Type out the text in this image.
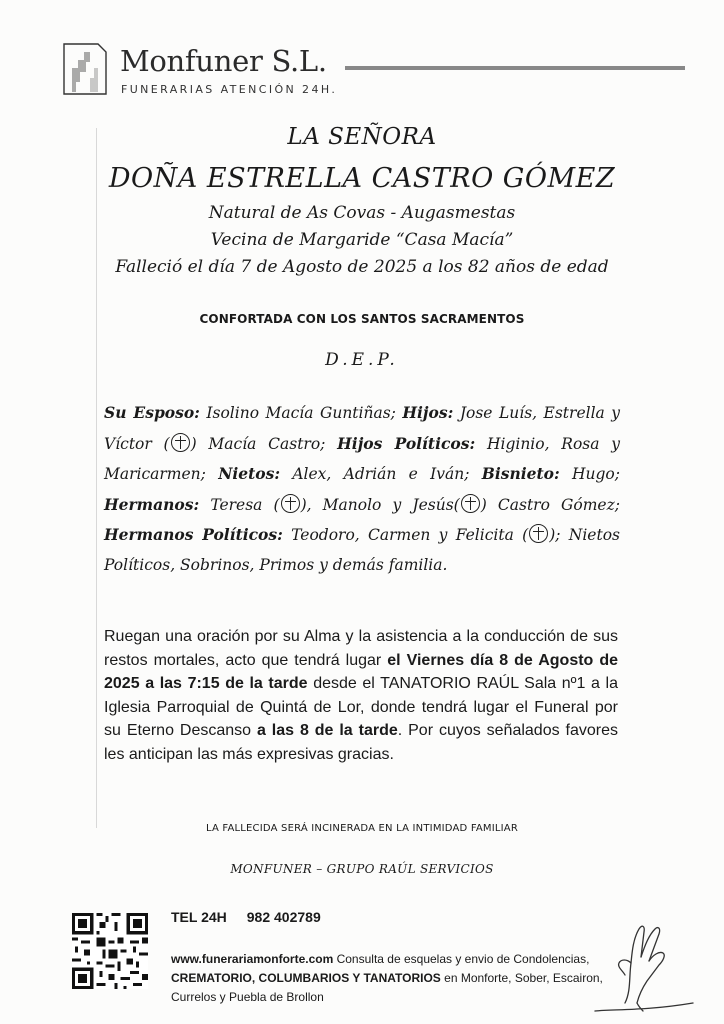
Monfuner S.L.
FUNERARIAS ATENCIÓN 24H.
LA SEÑORA
DOÑA ESTRELLA CASTRO GÓMEZ
Natural de As Covas - Augasmestas
Vecina de Margaride “Casa Macía”
Falleció el día 7 de Agosto de 2025 a los 82 años de edad
CONFORTADA CON LOS SANTOS SACRAMENTOS
D.E.P.
Su Esposo: Isolino Macía Guntiñas; Hijos: Jose Luís, Estrella y Víctor ( ) Macía Castro; Hijos Políticos: Higinio, Rosa y Maricarmen; Nietos: Alex, Adrián e Iván; Bisnieto: Hugo; Hermanos: Teresa ( ), Manolo y Jesús( ) Castro Gómez; Hermanos Políticos: Teodoro, Carmen y Felicita ( ); Nietos Políticos, Sobrinos, Primos y demás familia.
Ruegan una oración por su Alma y la asistencia a la conducción de sus restos mortales, acto que tendrá lugar el Viernes día 8 de Agosto de 2025 a las 7:15 de la tarde desde el TANATORIO RAÚL Sala nº1 a la Iglesia Parroquial de Quintá de Lor, donde tendrá lugar el Funeral por su Eterno Descanso a las 8 de la tarde. Por cuyos señalados favores les anticipan las más expresivas gracias.
LA FALLECIDA SERÁ INCINERADA EN LA INTIMIDAD FAMILIAR
MONFUNER – GRUPO RAÚL SERVICIOS
TEL 24H 982 402789
www.funerariamonforte.com Consulta de esquelas y envio de Condolencias, CREMATORIO, COLUMBARIOS Y TANATORIOS en Monforte, Sober, Escairon, Currelos y Puebla de Brollon
